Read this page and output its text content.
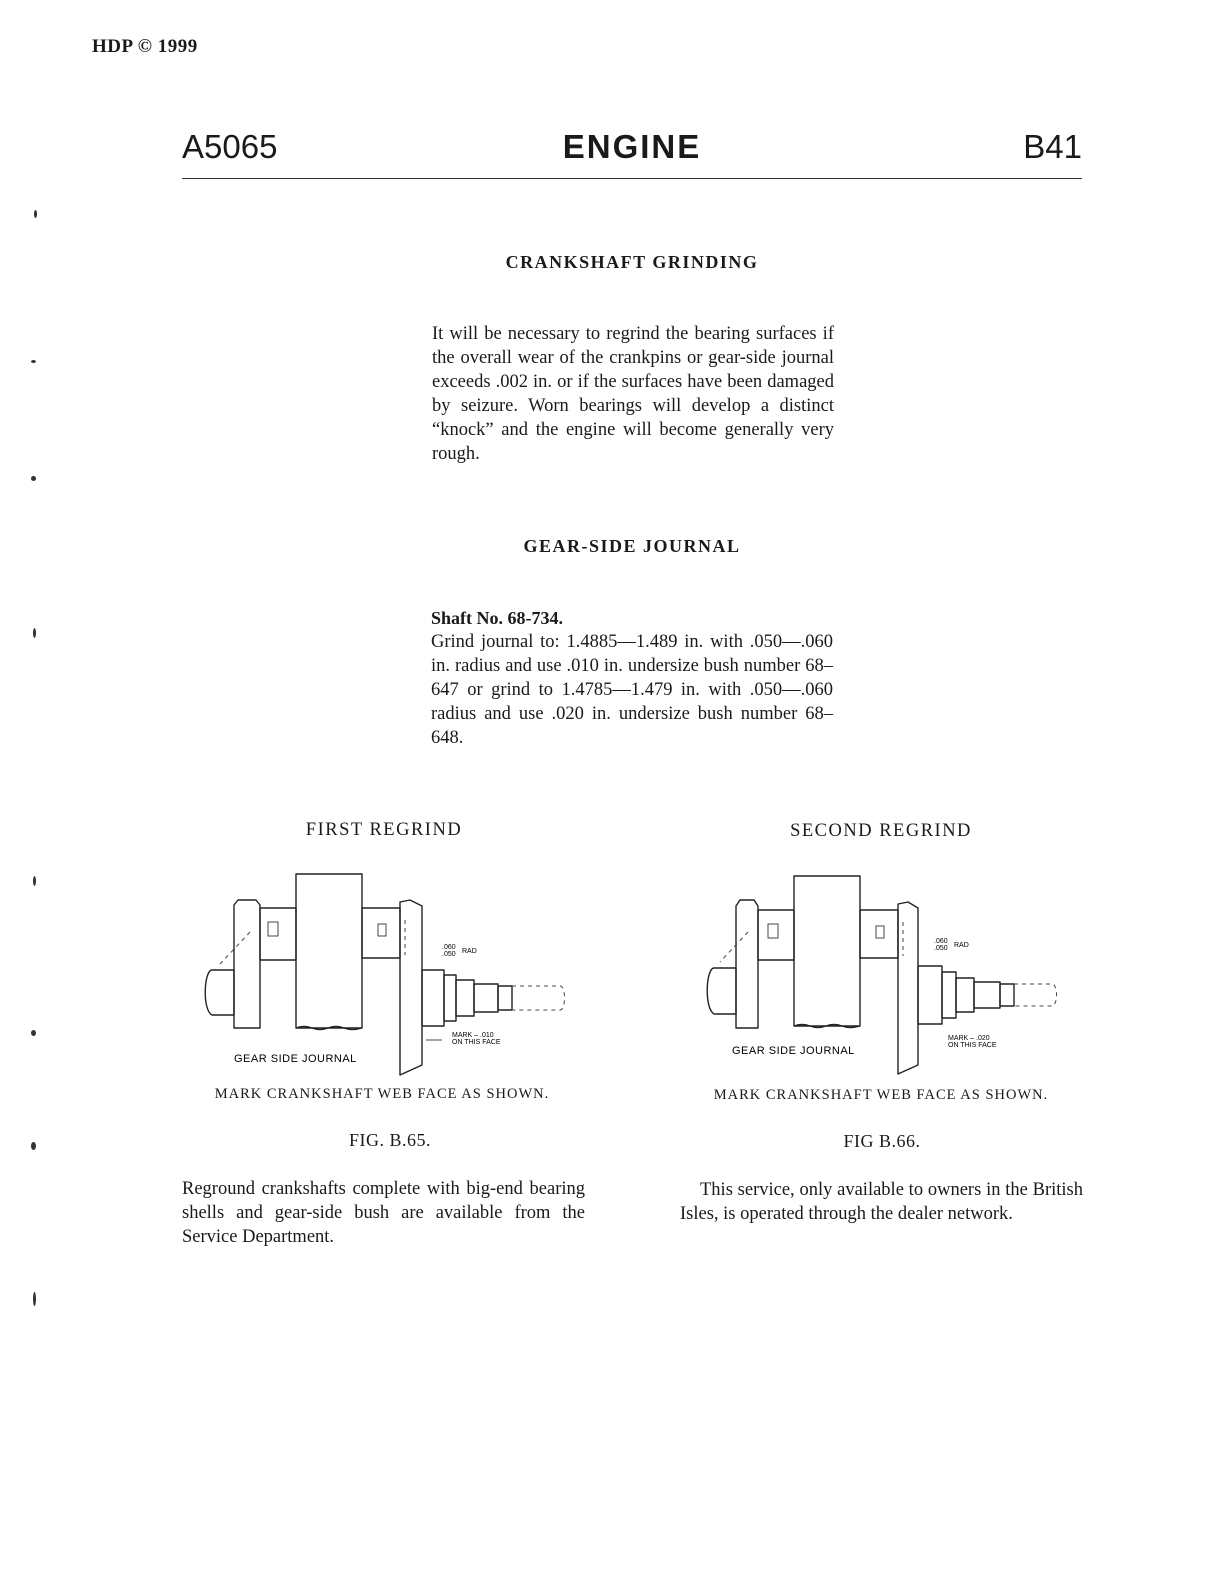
HDP © 1999
A5065	ENGINE	B41
CRANKSHAFT GRINDING
It will be necessary to regrind the bearing surfaces if the overall wear of the crankpins or gear-side journal exceeds .002 in. or if the surfaces have been damaged by seizure. Worn bearings will develop a distinct “knock” and the engine will become generally very rough.
GEAR-SIDE JOURNAL
Shaft No. 68-734.
Grind journal to: 1.4885—1.489 in. with .050—.060 in. radius and use .010 in. undersize bush number 68–647 or grind to 1.4785—1.479 in. with .050—.060 radius and use .020 in. undersize bush number 68–648.
FIRST REGRIND	SECOND REGRIND
.060
.050 RAD
MARK – .010
ON THIS FACE
GEAR SIDE JOURNAL
.060
.050 RAD
MARK – .020
ON THIS FACE
GEAR SIDE JOURNAL
MARK CRANKSHAFT WEB FACE AS SHOWN.	MARK CRANKSHAFT WEB FACE AS SHOWN.
FIG. B.65.	FIG B.66.
Reground crankshafts complete with big-end bearing shells and gear-side bush are available from the Service Department.
This service, only available to owners in the British Isles, is operated through the dealer network.
